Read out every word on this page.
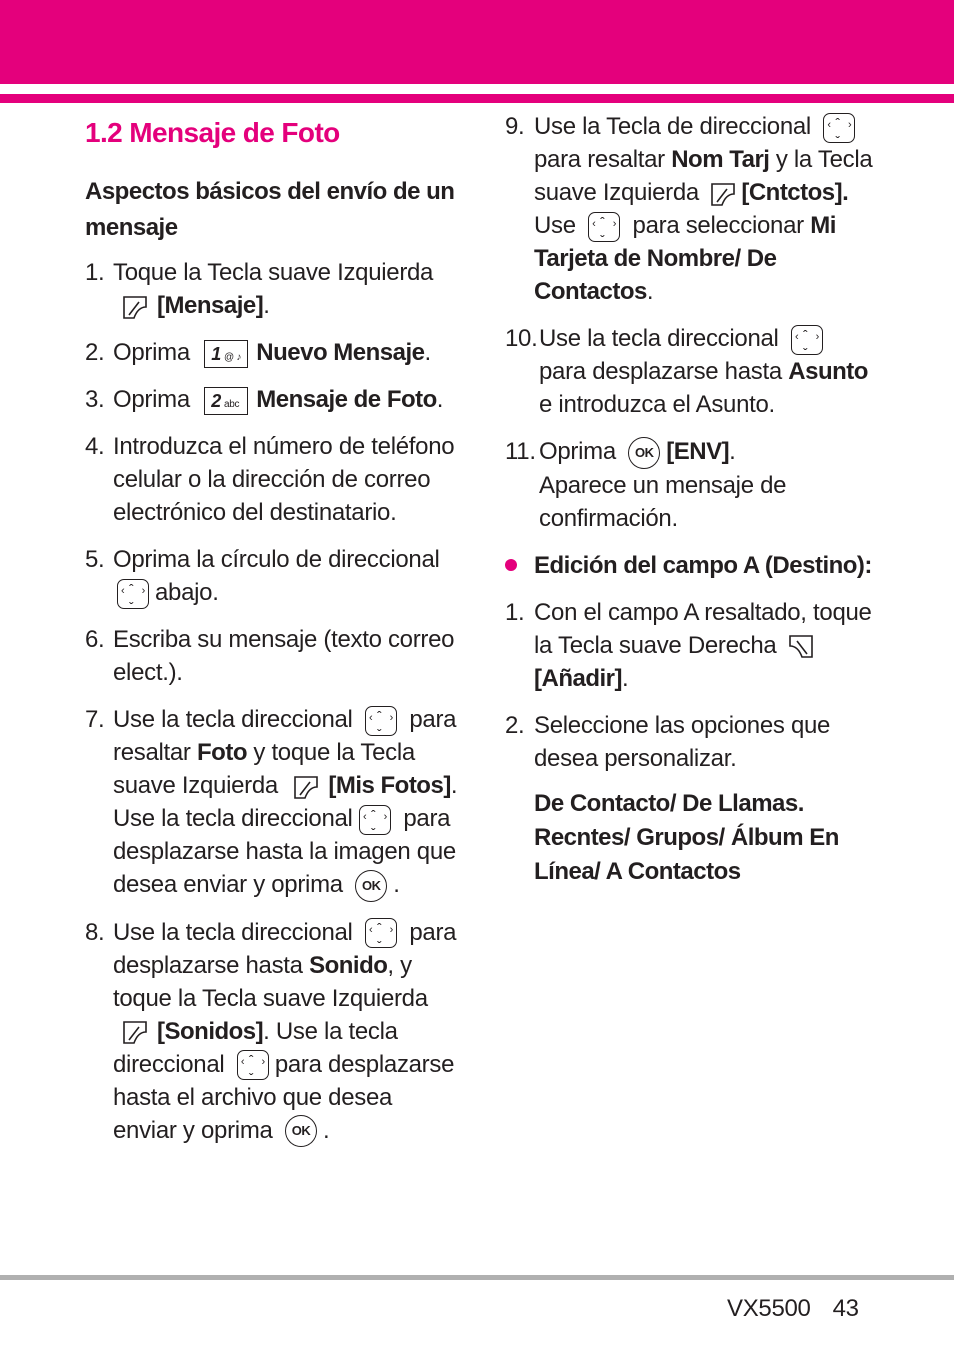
1.2 Mensaje de Foto
Aspectos básicos del envío de un mensaje
1. Toque la Tecla suave Izquierda

[Mensaje].
2. Oprima 1 @ ♪ Nuevo Mensaje.
3. Oprima 2 abc Mensaje de Foto.
4. Introduzca el número de teléfono celular o la dirección de correo electrónico del destinatario.
5. Oprima la círculo de direccional

ˆ ‹ ›
ˇ abajo.
6. Escriba su mensaje (texto correo elect.).
7. Use la tecla direccional ˆ ‹ ›
ˇ para resaltar Foto y toque la Tecla suave Izquierda [Mis Fotos]. Use la tecla direccional ˆ ‹ ›
ˇ para desplazarse hasta la imagen que desea enviar y oprima OK .
8. Use la tecla direccional ˆ ‹ ›
ˇ para desplazarse hasta Sonido, y toque la Tecla suave Izquierda

[Sonidos]. Use la tecla direccional ˆ ‹ ›
ˇ para desplazarse hasta el archivo que desea enviar y oprima OK .
9. Use la Tecla de direccional ˆ ‹ ›
ˇ para resaltar Nom Tarj y la Tecla suave Izquierda [Cntctos]. Use ˆ ‹ ›
ˇ para seleccionar Mi Tarjeta de Nombre/ De Contactos.
10. Use la tecla direccional ˆ ‹ ›
ˇ para desplazarse hasta Asunto e introduzca el Asunto.
11. Oprima OK [ENV].
Aparece un mensaje de confirmación.
Edición del campo A (Destino):
1. Con el campo A resaltado, toque la Tecla suave Derecha

[Añadir].
2. Seleccione las opciones que desea personalizar.
De Contacto/ De Llamas. Recntes/ Grupos/ Álbum En Línea/ A Contactos
VX5500 43
